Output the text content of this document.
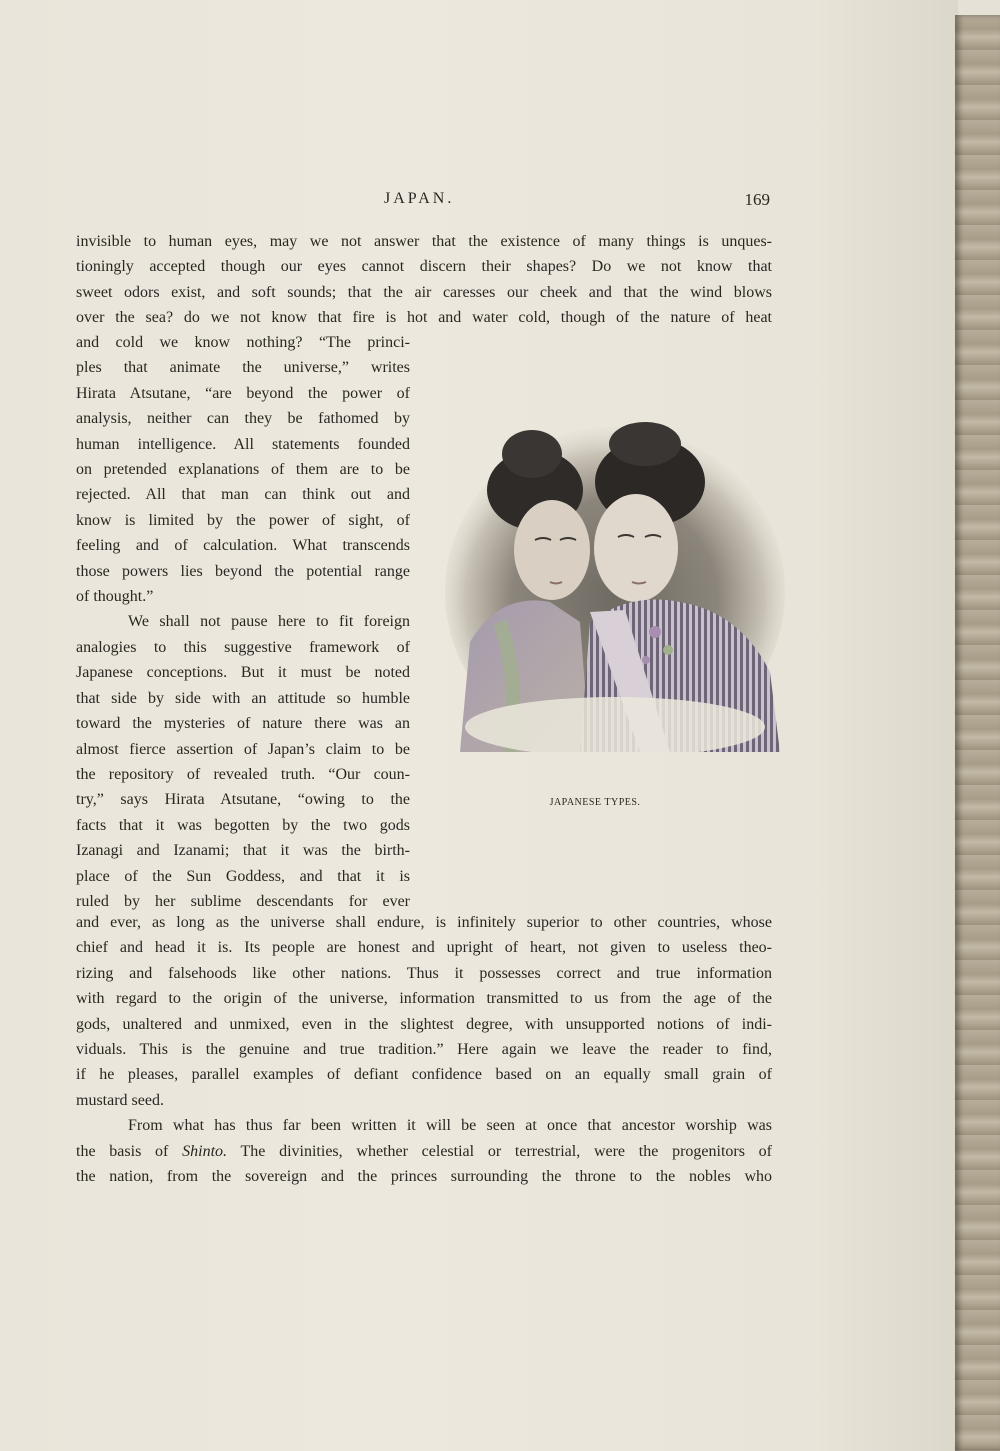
JAPAN.	169
invisible to human eyes, may we not answer that the existence of many things is unques-
tioningly accepted though our eyes cannot discern their shapes? Do we not know that
sweet odors exist, and soft sounds; that the air caresses our cheek and that the wind blows
over the sea? do we not know that fire is hot and water cold, though of the nature of heat
and cold we know nothing? “The princi-
ples that animate the universe,” writes
Hirata Atsutane, “are beyond the power of
analysis, neither can they be fathomed by
human intelligence. All statements founded
on pretended explanations of them are to be
rejected. All that man can think out and
know is limited by the power of sight, of
feeling and of calculation. What transcends
those powers lies beyond the potential range
of thought.”
We shall not pause here to fit foreign
analogies to this suggestive framework of
Japanese conceptions. But it must be noted
that side by side with an attitude so humble
toward the mysteries of nature there was an
almost fierce assertion of Japan’s claim to be
the repository of revealed truth. “Our coun-
try,” says Hirata Atsutane, “owing to the
facts that it was begotten by the two gods
Izanagi and Izanami; that it was the birth-
place of the Sun Goddess, and that it is
ruled by her sublime descendants for ever
JAPANESE TYPES.
and ever, as long as the universe shall endure, is infinitely superior to other countries, whose
chief and head it is. Its people are honest and upright of heart, not given to useless theo-
rizing and falsehoods like other nations. Thus it possesses correct and true information
with regard to the origin of the universe, information transmitted to us from the age of the
gods, unaltered and unmixed, even in the slightest degree, with unsupported notions of indi-
viduals. This is the genuine and true tradition.” Here again we leave the reader to find,
if he pleases, parallel examples of defiant confidence based on an equally small grain of
mustard seed.
From what has thus far been written it will be seen at once that ancestor worship was
the basis of Shinto. The divinities, whether celestial or terrestrial, were the progenitors of
the nation, from the sovereign and the princes surrounding the throne to the nobles who
